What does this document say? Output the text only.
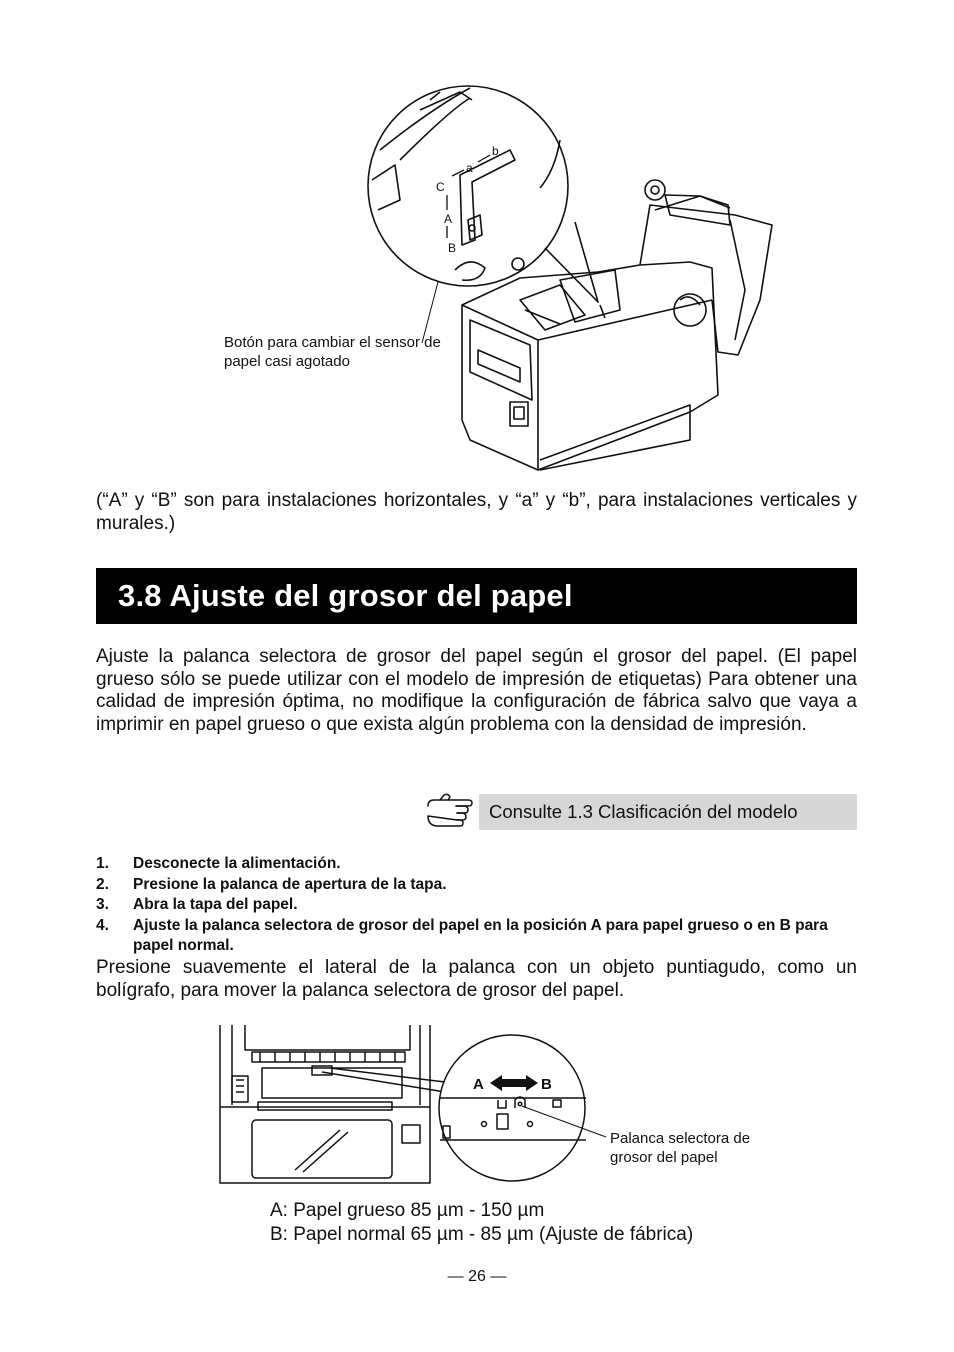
C
A
B
a
b
Botón para cambiar el sensor de papel casi agotado
(“A” y “B” son para instalaciones horizontales, y “a” y “b”, para instalaciones verticales y murales.)
3.8 Ajuste del grosor del papel
Ajuste la palanca selectora de grosor del papel según el grosor del papel. (El papel grueso sólo se puede utilizar con el modelo de impresión de etiquetas) Para obtener una calidad de impresión óptima, no modifique la configuración de fábrica salvo que vaya a imprimir en papel grueso o que exista algún problema con la densidad de impresión.
Consulte 1.3 Clasificación del modelo
1. Desconecte la alimentación.
2. Presione la palanca de apertura de la tapa.
3. Abra la tapa del papel.
4. Ajuste la palanca selectora de grosor del papel en la posición A para papel grueso o en B para papel normal.
Presione suavemente el lateral de la palanca con un objeto puntiagudo, como un bolígrafo, para mover la palanca selectora de grosor del papel.
A	B
Palanca selectora de grosor del papel
A: Papel grueso 85 µm - 150 µm
B: Papel normal 65 µm - 85 µm (Ajuste de fábrica)
— 26 —
